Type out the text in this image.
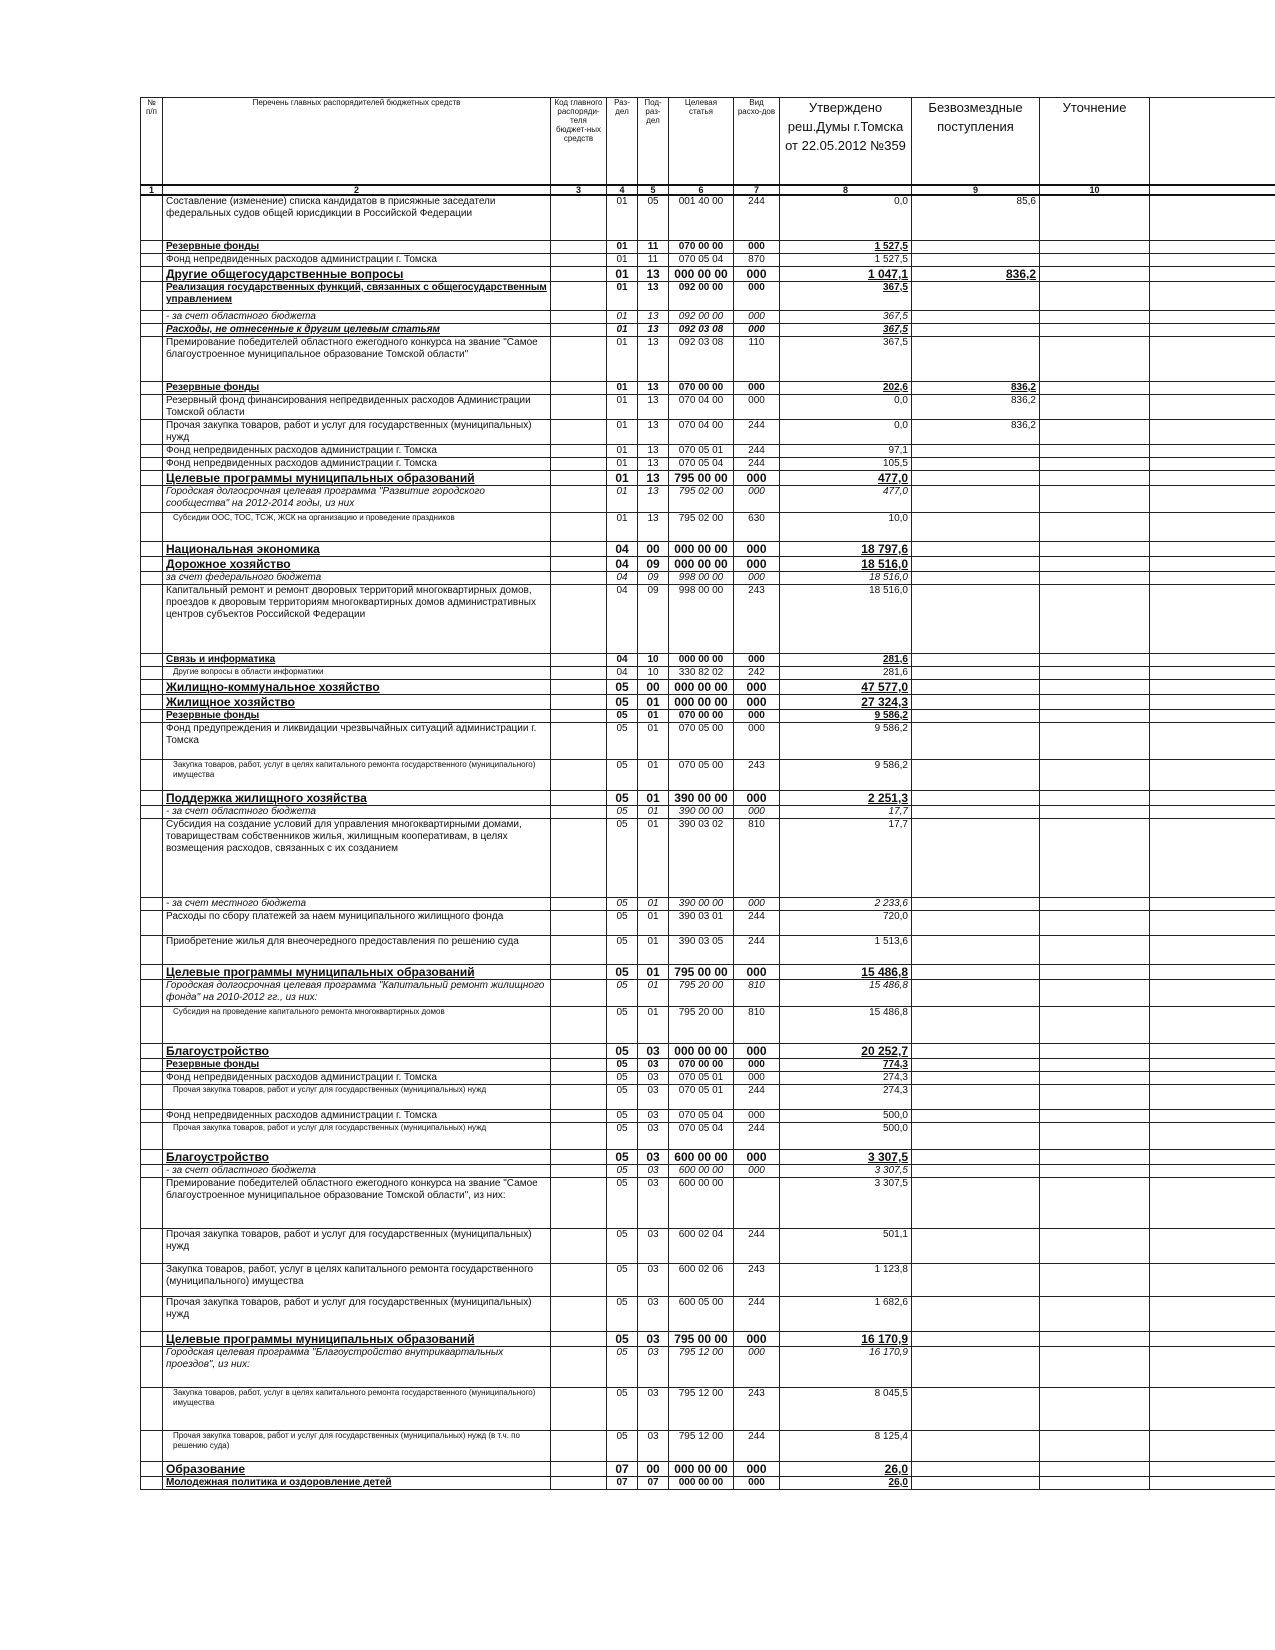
№ п/п	Перечень главных распорядителей бюджетных средств	Код главного распоряди-теля бюджет-ных средств	Раз-дел	Под-раз-дел	Целевая статья	Вид расхо-дов	Утверждено реш.Думы г.Томска от 22.05.2012 №359	Безвозмездные поступления	Уточнение	
1	2	3	4	5	6	7	8	9	10	
	Составление (изменение) списка кандидатов в присяжные заседатели федеральных судов общей юрисдикции в Российской Федерации		01	05	001 40 00	244	0,0	85,6		
	Резервные фонды		01	11	070 00 00	000	1 527,5			
	Фонд непредвиденных расходов администрации г. Томска		01	11	070 05 04	870	1 527,5			
	Другие общегосударственные вопросы		01	13	000 00 00	000	1 047,1	836,2		
	Реализация государственных функций, связанных с общегосударственным управлением		01	13	092 00 00	000	367,5			
	- за счет областного бюджета		01	13	092 00 00	000	367,5			
	Расходы, не отнесенные к другим целевым статьям		01	13	092 03 08	000	367,5			
	Премирование победителей областного ежегодного конкурса на звание "Самое благоустроенное муниципальное образование Томской области"		01	13	092 03 08	110	367,5			
	Резервные фонды		01	13	070 00 00	000	202,6	836,2		
	Резервный фонд финансирования непредвиденных расходов Администрации Томской области		01	13	070 04 00	000	0,0	836,2		
	Прочая закупка товаров, работ и услуг для государственных (муниципальных) нужд		01	13	070 04 00	244	0,0	836,2		
	Фонд непредвиденных расходов администрации г. Томска		01	13	070 05 01	244	97,1			
	Фонд непредвиденных расходов администрации г. Томска		01	13	070 05 04	244	105,5			
	Целевые программы муниципальных образований		01	13	795 00 00	000	477,0			
	Городская долгосрочная целевая программа "Развитие городского сообщества" на 2012-2014 годы, из них		01	13	795 02 00	000	477,0			
	Субсидии ООС, ТОС, ТСЖ, ЖСК на организацию и проведение праздников		01	13	795 02 00	630	10,0			
	Национальная экономика		04	00	000 00 00	000	18 797,6			
	Дорожное хозяйство		04	09	000 00 00	000	18 516,0			
	за счет федерального бюджета		04	09	998 00 00	000	18 516,0			
	Капитальный ремонт и ремонт дворовых территорий многоквартирных домов, проездов к дворовым территориям многоквартирных домов административных центров субъектов Российской Федерации		04	09	998 00 00	243	18 516,0			
	Связь и информатика		04	10	000 00 00	000	281,6			
	Другие вопросы в области информатики		04	10	330 82 02	242	281,6			
	Жилищно-коммунальное хозяйство		05	00	000 00 00	000	47 577,0			
	Жилищное хозяйство		05	01	000 00 00	000	27 324,3			
	Резервные фонды		05	01	070 00 00	000	9 586,2			
	Фонд предупреждения и ликвидации чрезвычайных ситуаций администрации г. Томска		05	01	070 05 00	000	9 586,2			
	Закупка товаров, работ, услуг в целях капитального ремонта государственного (муниципального) имущества		05	01	070 05 00	243	9 586,2			
	Поддержка жилищного хозяйства		05	01	390 00 00	000	2 251,3			
	- за счет областного бюджета		05	01	390 00 00	000	17,7			
	Субсидия на создание условий для управления многоквартирными домами, товариществам собственников жилья, жилищным кооперативам, в целях возмещения расходов, связанных с их созданием		05	01	390 03 02	810	17,7			
	- за счет местного бюджета		05	01	390 00 00	000	2 233,6			
	Расходы по сбору платежей за наем муниципального жилищного фонда		05	01	390 03 01	244	720,0			
	Приобретение жилья для внеочередного предоставления по решению суда		05	01	390 03 05	244	1 513,6			
	Целевые программы муниципальных образований		05	01	795 00 00	000	15 486,8			
	Городская долгосрочная целевая программа "Капитальный ремонт жилищного фонда" на 2010-2012 гг., из них:		05	01	795 20 00	810	15 486,8			
	Субсидия на проведение капитального ремонта многоквартирных домов		05	01	795 20 00	810	15 486,8			
	Благоустройство		05	03	000 00 00	000	20 252,7			
	Резервные фонды		05	03	070 00 00	000	774,3			
	Фонд непредвиденных расходов администрации г. Томска		05	03	070 05 01	000	274,3			
	Прочая закупка товаров, работ и услуг для государственных (муниципальных) нужд		05	03	070 05 01	244	274,3			
	Фонд непредвиденных расходов администрации г. Томска		05	03	070 05 04	000	500,0			
	Прочая закупка товаров, работ и услуг для государственных (муниципальных) нужд		05	03	070 05 04	244	500,0			
	Благоустройство		05	03	600 00 00	000	3 307,5			
	- за счет областного бюджета		05	03	600 00 00	000	3 307,5			
	Премирование победителей областного ежегодного конкурса на звание "Самое благоустроенное муниципальное образование Томской области", из них:		05	03	600 00 00		3 307,5			
	Прочая закупка товаров, работ и услуг для государственных (муниципальных) нужд		05	03	600 02 04	244	501,1			
	Закупка товаров, работ, услуг в целях капитального ремонта государственного (муниципального) имущества		05	03	600 02 06	243	1 123,8			
	Прочая закупка товаров, работ и услуг для государственных (муниципальных) нужд		05	03	600 05 00	244	1 682,6			
	Целевые программы муниципальных образований		05	03	795 00 00	000	16 170,9			
	Городская целевая программа "Благоустройство внутриквартальных проездов", из них:		05	03	795 12 00	000	16 170,9			
	Закупка товаров, работ, услуг в целях капитального ремонта государственного (муниципального) имущества		05	03	795 12 00	243	8 045,5			
	Прочая закупка товаров, работ и услуг для государственных (муниципальных) нужд (в т.ч. по решению суда)		05	03	795 12 00	244	8 125,4			
	Образование		07	00	000 00 00	000	26,0			
	Молодежная политика и оздоровление детей		07	07	000 00 00	000	26,0			
